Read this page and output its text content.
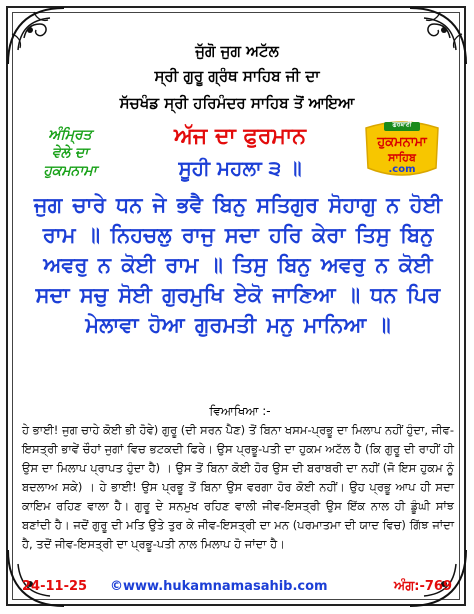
ਜੁੱਗੋ ਜੁਗ ਅਟੱਲ
ਸ੍ਰੀ ਗੁਰੂ ਗ੍ਰੰਥ ਸਾਹਿਬ ਜੀ ਦਾ
ਸੱਚਖੰਡ ਸ੍ਰੀ ਹਰਿਮੰਦਰ ਸਾਹਿਬ ਤੋਂ ਆਇਆ
ਅੰਮ੍ਰਿਤ
ਵੇਲੇ ਦਾ
ਹੁਕਮਨਾਮਾ
ਅੱਜ ਦਾ ਫੁਰਮਾਨ
ਸੂਹੀ ਮਹਲਾ ੩ ॥
ਗੁਰਬਾਣੀ
ਹੁਕਮਨਾਮਾ
ਸਾਹਿਬ
.com
ਜੁਗ ਚਾਰੇ ਧਨ ਜੇ ਭਵੈ ਬਿਨੁ ਸਤਿਗੁਰ ਸੋਹਾਗੁ ਨ ਹੋਈ ਰਾਮ ॥ ਨਿਹਚਲੁ ਰਾਜੁ ਸਦਾ ਹਰਿ ਕੇਰਾ ਤਿਸੁ ਬਿਨੁ ਅਵਰੁ ਨ ਕੋਈ ਰਾਮ ॥ ਤਿਸੁ ਬਿਨੁ ਅਵਰੁ ਨ ਕੋਈ ਸਦਾ ਸਚੁ ਸੋਈ ਗੁਰਮੁਖਿ ਏਕੋ ਜਾਣਿਆ ॥ ਧਨ ਪਿਰ ਮੇਲਾਵਾ ਹੋਆ ਗੁਰਮਤੀ ਮਨੁ ਮਾਨਿਆ ॥
ਵਿਆਖਿਆ :-
ਹੇ ਭਾਈ! ਜੁਗ ਚਾਹੇ ਕੋਈ ਭੀ ਹੋਵੇ) ਗੁਰੂ (ਦੀ ਸਰਨ ਪੈਣ) ਤੋਂ ਬਿਨਾ ਖਸਮ-ਪ੍ਰਭੂ ਦਾ ਮਿਲਾਪ ਨਹੀਂ ਹੁੰਦਾ, ਜੀਵ-ਇਸਤ੍ਰੀ ਭਾਵੇਂ ਚੌਹਾਂ ਜੁਗਾਂ ਵਿਚ ਭਟਕਦੀ ਫਿਰੇ। ਉਸ ਪ੍ਰਭੂ-ਪਤੀ ਦਾ ਹੁਕਮ ਅਟੱਲ ਹੈ (ਕਿ ਗੁਰੂ ਦੀ ਰਾਹੀਂ ਹੀ ਉਸ ਦਾ ਮਿਲਾਪ ਪ੍ਰਾਪਤ ਹੁੰਦਾ ਹੈ) । ਉਸ ਤੋਂ ਬਿਨਾ ਕੋਈ ਹੋਰ ਉਸ ਦੀ ਬਰਾਬਰੀ ਦਾ ਨਹੀਂ (ਜੋ ਇਸ ਹੁਕਮ ਨੂੰ ਬਦਲਾਅ ਸਕੇ) । ਹੇ ਭਾਈ! ਉਸ ਪ੍ਰਭੂ ਤੋਂ ਬਿਨਾ ਉਸ ਵਰਗਾ ਹੋਰ ਕੋਈ ਨਹੀਂ। ਉਹ ਪ੍ਰਭੂ ਆਪ ਹੀ ਸਦਾ ਕਾਇਮ ਰਹਿਣ ਵਾਲਾ ਹੈ। ਗੁਰੂ ਦੇ ਸਨਮੁਖ ਰਹਿਣ ਵਾਲੀ ਜੀਵ-ਇਸਤ੍ਰੀ ਉਸ ਇੱਕ ਨਾਲ ਹੀ ਡੂੰਘੀ ਸਾਂਝ ਬਣਾਂਦੀ ਹੈ। ਜਦੋਂ ਗੁਰੂ ਦੀ ਮਤਿ ਉਤੇ ਤੁਰ ਕੇ ਜੀਵ-ਇਸਤ੍ਰੀ ਦਾ ਮਨ (ਪਰਮਾਤਮਾ ਦੀ ਯਾਦ ਵਿਚ) ਗਿੱਝ ਜਾਂਦਾ ਹੈ, ਤਦੋਂ ਜੀਵ-ਇਸਤ੍ਰੀ ਦਾ ਪ੍ਰਭੂ-ਪਤੀ ਨਾਲ ਮਿਲਾਪ ਹੋ ਜਾਂਦਾ ਹੈ।
24-11-25 ©www.hukamnamasahib.com	ਅੰਗ:-769
